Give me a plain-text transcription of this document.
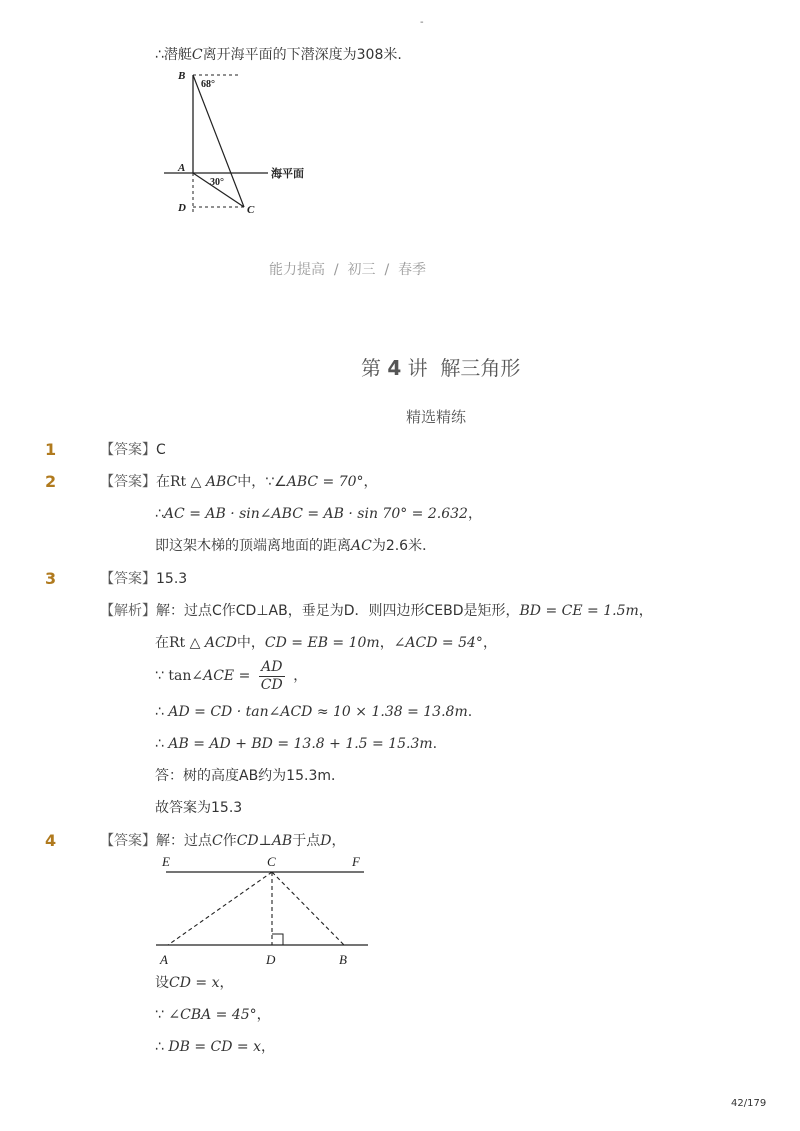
-
∴潜艇C离开海平面的下潜深度为308米.
B
68°
A
30°
海平面
D	C
能力提高 / 初三 / 春季
第 4 讲 解三角形
精选精练
1	【答案】C
2	【答案】在Rt △ ABC中，∵∠ABC = 70°，
∴AC = AB · sin∠ABC = AB · sin 70° = 2.632，
即这架木梯的顶端离地面的距离AC为2.6米．
3	【答案】15.3
【解析】解：过点C作CD⊥AB，垂足为D．则四边形CEBD是矩形，BD = CE = 1.5m，
在Rt △ ACD中，CD = EB = 10m，∠ACD = 54°，
∵ tan∠ACE = $\frac{AD}{CD}$ ，
∴ AD = CD · tan∠ACD ≈ 10 × 1.38 = 13.8m.
∴ AB = AD + BD = 13.8 + 1.5 = 15.3m.
答：树的高度AB约为15.3m．
故答案为15.3
4	【答案】解：过点C作CD⊥AB于点D，
E	C	F
A	D	B
设CD = x，
∵ ∠CBA = 45°，
∴ DB = CD = x，
42/179
